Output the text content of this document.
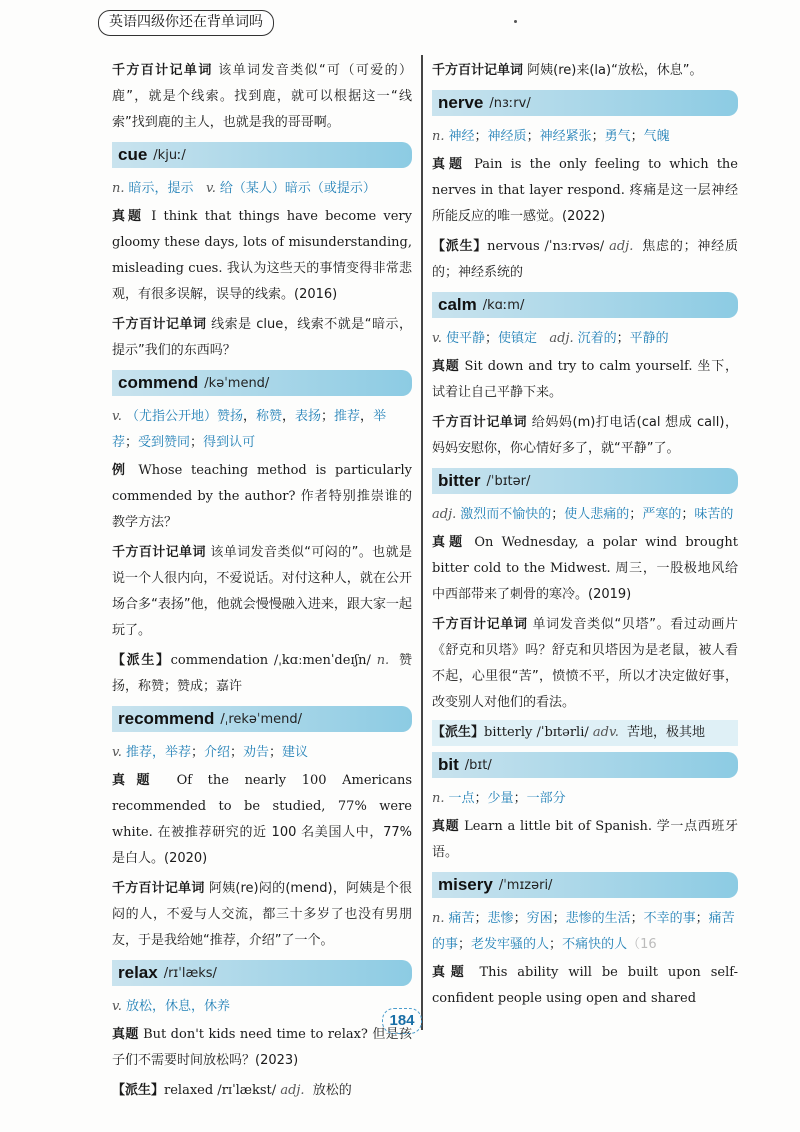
英语四级你还在背单词吗

千方百计记单词 该单词发音类似“可（可爱的）鹿”，就是个线索。找到鹿，就可以根据这一“线索”找到鹿的主人，也就是我的哥哥啊。

cue /kjuː/
n. 暗示，提示 v. 给（某人）暗示（或提示）

真题 I think that things have become very gloomy these days, lots of misunderstanding, misleading cues. 我认为这些天的事情变得非常悲观，有很多误解，误导的线索。(2016)

千方百计记单词 线索是 clue，线索不就是“暗示，提示”我们的东西吗？

commend /kəˈmend/
v. （尤指公开地）赞扬，称赞，表扬；推荐，举荐；受到赞同；得到认可

例 Whose teaching method is particularly commended by the author? 作者特别推崇谁的教学方法？

千方百计记单词 该单词发音类似“可闷的”。也就是说一个人很内向，不爱说话。对付这种人，就在公开场合多“表扬”他，他就会慢慢融入进来，跟大家一起玩了。

【派生】commendation /ˌkɑːmenˈdeɪʃn/ n. 赞扬，称赞；赞成；嘉许

recommend /ˌrekəˈmend/
v. 推荐，举荐；介绍；劝告；建议

真题 Of the nearly 100 Americans recommended to be studied, 77% were white. 在被推荐研究的近 100 名美国人中，77%是白人。(2020)

千方百计记单词 阿姨(re)闷的(mend)，阿姨是个很闷的人，不爱与人交流，都三十多岁了也没有男朋友，于是我给她“推荐，介绍”了一个。

relax /rɪˈlæks/
v. 放松，休息，休养

真题 But don't kids need time to relax? 但是孩子们不需要时间放松吗？(2023)

【派生】relaxed /rɪˈlækst/ adj. 放松的

千方百计记单词 阿姨(re)来(la)“放松，休息”。

nerve /nɜːrv/
n. 神经；神经质；神经紧张；勇气；气魄

真题 Pain is the only feeling to which the nerves in that layer respond. 疼痛是这一层神经所能反应的唯一感觉。(2022)

【派生】nervous /ˈnɜːrvəs/ adj. 焦虑的；神经质的；神经系统的

calm /kɑːm/
v. 使平静；使镇定 adj. 沉着的；平静的

真题 Sit down and try to calm yourself. 坐下，试着让自己平静下来。

千方百计记单词 给妈妈(m)打电话(cal 想成 call)，妈妈安慰你，你心情好多了，就“平静”了。

bitter /ˈbɪtər/
adj. 激烈而不愉快的；使人悲痛的；严寒的；味苦的

真题 On Wednesday, a polar wind brought bitter cold to the Midwest. 周三，一股极地风给中西部带来了刺骨的寒冷。(2019)

千方百计记单词 单词发音类似“贝塔”。看过动画片《舒克和贝塔》吗？舒克和贝塔因为是老鼠，被人看不起，心里很“苦”，愤愤不平，所以才决定做好事，改变别人对他们的看法。

【派生】bitterly /ˈbɪtərli/ adv. 苦地，极其地

bit /bɪt/
n. 一点；少量；一部分

真题 Learn a little bit of Spanish. 学一点西班牙语。

misery /ˈmɪzəri/
n. 痛苦；悲惨；穷困；悲惨的生活；不幸的事；痛苦的事；老发牢骚的人；不痛快的人（16

真题 This ability will be built upon self-confident people using open and shared

184
